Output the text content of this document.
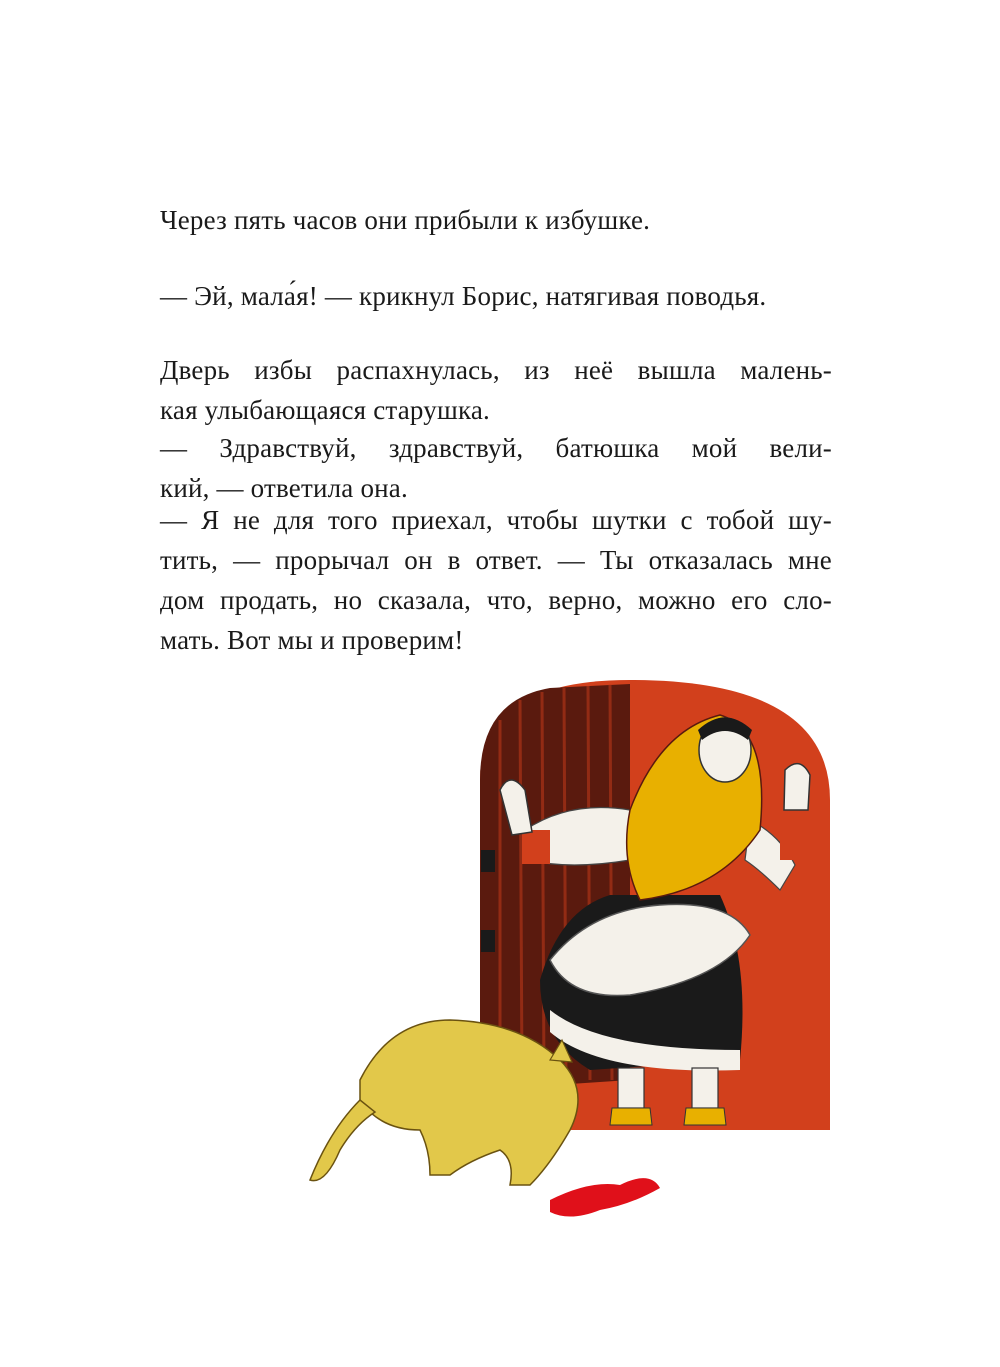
Через пять часов они прибыли к избушке.
— Эй, мала́я! — крикнул Борис, натягивая поводья.
Дверь избы распахнулась, из неё вышла малень-
кая улыбающаяся старушка.
— Здравствуй, здравствуй, батюшка мой вели-
кий, — ответила она.
— Я не для того приехал, чтобы шутки с тобой шу-
тить, — прорычал он в ответ. — Ты отказалась мне
дом продать, но сказала, что, верно, можно его сло-
мать. Вот мы и проверим!
